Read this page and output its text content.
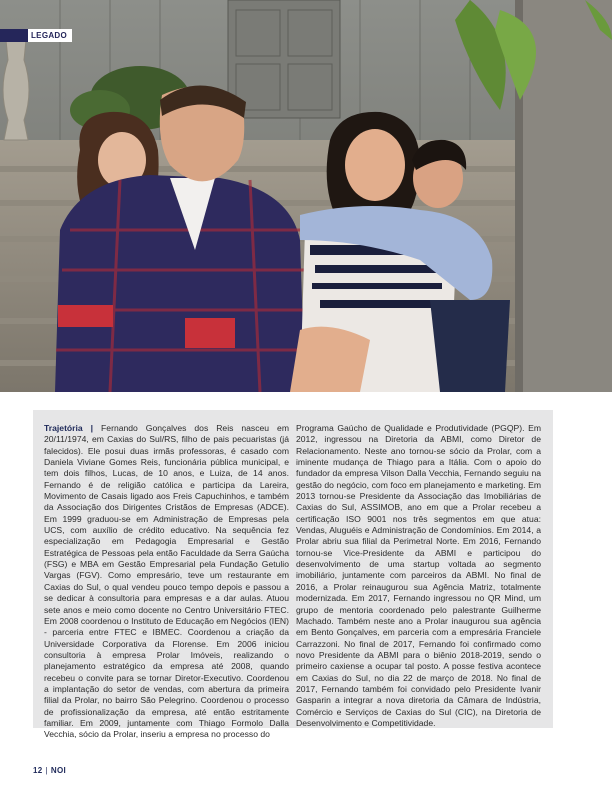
LEGADO

Trajetória | Fernando Gonçalves dos Reis nasceu em 20/11/1974, em Caxias do Sul/RS, filho de pais pecuaristas (já falecidos). Ele posui duas irmãs professoras, é casado com Daniela Viviane Gomes Reis, funcionária pública municipal, e tem dois filhos, Lucas, de 10 anos, e Luiza, de 14 anos. Fernando é de religião católica e participa da Lareira, Movimento de Casais ligado aos Freis Capuchinhos, e também da Associação dos Dirigentes Cristãos de Empresas (ADCE). Em 1999 graduou-se em Administração de Empresas pela UCS, com auxílio de crédito educativo. Na sequência fez especialização em Pedagogia Empresarial e Gestão Estratégica de Pessoas pela então Faculdade da Serra Gaúcha (FSG) e MBA em Gestão Empresarial pela Fundação Getulio Vargas (FGV). Como empresário, teve um restaurante em Caxias do Sul, o qual vendeu pouco tempo depois e passou a se dedicar à consultoria para empresas e a dar aulas. Atuou sete anos e meio como docente no Centro Universitário FTEC. Em 2008 coordenou o Instituto de Educação em Negócios (IEN) - parceria entre FTEC e IBMEC. Coordenou a criação da Universidade Corporativa da Florense. Em 2006 iniciou consultoria à empresa Prolar Imóveis, realizando o planejamento estratégico da empresa até 2008, quando recebeu o convite para se tornar Diretor-Executivo. Coordenou a implantação do setor de vendas, com abertura da primeira filial da Prolar, no bairro São Pelegrino. Coordenou o processo de profissionalização da empresa, até então estritamente familiar. Em 2009, juntamente com Thiago Formolo Dalla Vecchia, sócio da Prolar, inseriu a empresa no processo do

Programa Gaúcho de Qualidade e Produtividade (PGQP). Em 2012, ingressou na Diretoria da ABMI, como Diretor de Relacionamento. Neste ano tornou-se sócio da Prolar, com a iminente mudança de Thiago para a Itália. Com o apoio do fundador da empresa Vilson Dalla Vecchia, Fernando seguiu na gestão do negócio, com foco em planejamento e marketing. Em 2013 tornou-se Presidente da Associação das Imobiliárias de Caxias do Sul, ASSIMOB, ano em que a Prolar recebeu a certificação ISO 9001 nos três segmentos em que atua: Vendas, Aluguéis e Administração de Condomínios. Em 2014, a Prolar abriu sua filial da Perimetral Norte. Em 2016, Fernando tornou-se Vice-Presidente da ABMI e participou do desenvolvimento de uma startup voltada ao segmento imobiliário, juntamente com parceiros da ABMI. No final de 2016, a Prolar reinaugurou sua Agência Matriz, totalmente modernizada. Em 2017, Fernando ingressou no QR Mind, um grupo de mentoria coordenado pelo palestrante Guilherme Machado. Também neste ano a Prolar inaugurou sua agência em Bento Gonçalves, em parceria com a empresária Franciele Carrazzoni. No final de 2017, Fernando foi confirmado como novo Presidente da ABMI para o biênio 2018-2019, sendo o primeiro caxiense a ocupar tal posto. A posse festiva acontece em Caxias do Sul, no dia 22 de março de 2018. No final de 2017, Fernando também foi convidado pelo Presidente Ivanir Gasparin a integrar a nova diretoria da Câmara de Indústria, Comércio e Serviços de Caxias do Sul (CIC), na Diretoria de Desenvolvimento e Competitividade.

12 | NOI
